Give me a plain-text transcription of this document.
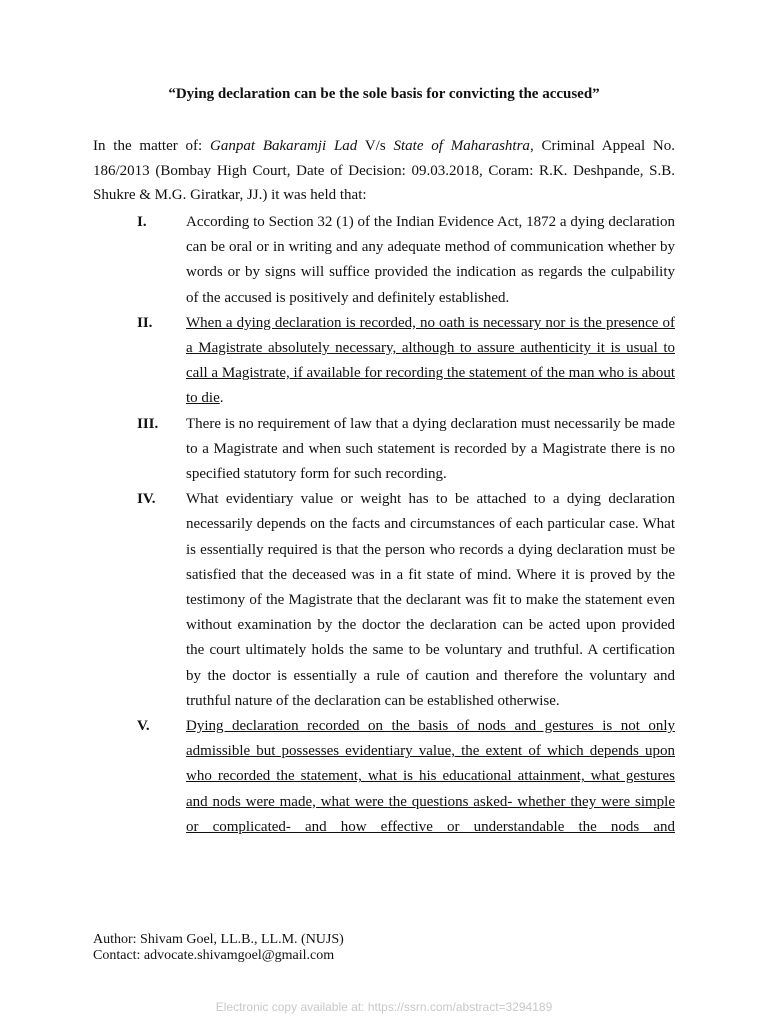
“Dying declaration can be the sole basis for convicting the accused”

In the matter of: Ganpat Bakaramji Lad V/s State of Maharashtra, Criminal Appeal No. 186/2013 (Bombay High Court, Date of Decision: 09.03.2018, Coram: R.K. Deshpande, S.B. Shukre & M.G. Giratkar, JJ.) it was held that:

I.	According to Section 32 (1) of the Indian Evidence Act, 1872 a dying declaration can be oral or in writing and any adequate method of communication whether by words or by signs will suffice provided the indication as regards the culpability of the accused is positively and definitely established.
II.	When a dying declaration is recorded, no oath is necessary nor is the presence of a Magistrate absolutely necessary, although to assure authenticity it is usual to call a Magistrate, if available for recording the statement of the man who is about to die.
III.	There is no requirement of law that a dying declaration must necessarily be made to a Magistrate and when such statement is recorded by a Magistrate there is no specified statutory form for such recording.
IV.	What evidentiary value or weight has to be attached to a dying declaration necessarily depends on the facts and circumstances of each particular case. What is essentially required is that the person who records a dying declaration must be satisfied that the deceased was in a fit state of mind. Where it is proved by the testimony of the Magistrate that the declarant was fit to make the statement even without examination by the doctor the declaration can be acted upon provided the court ultimately holds the same to be voluntary and truthful. A certification by the doctor is essentially a rule of caution and therefore the voluntary and truthful nature of the declaration can be established otherwise.
V.	Dying declaration recorded on the basis of nods and gestures is not only admissible but possesses evidentiary value, the extent of which depends upon who recorded the statement, what is his educational attainment, what gestures and nods were made, what were the questions asked- whether they were simple or complicated- and how effective or understandable the nods and
Author: Shivam Goel, LL.B., LL.M. (NUJS)
Contact: advocate.shivamgoel@gmail.com
Electronic copy available at: https://ssrn.com/abstract=3294189
